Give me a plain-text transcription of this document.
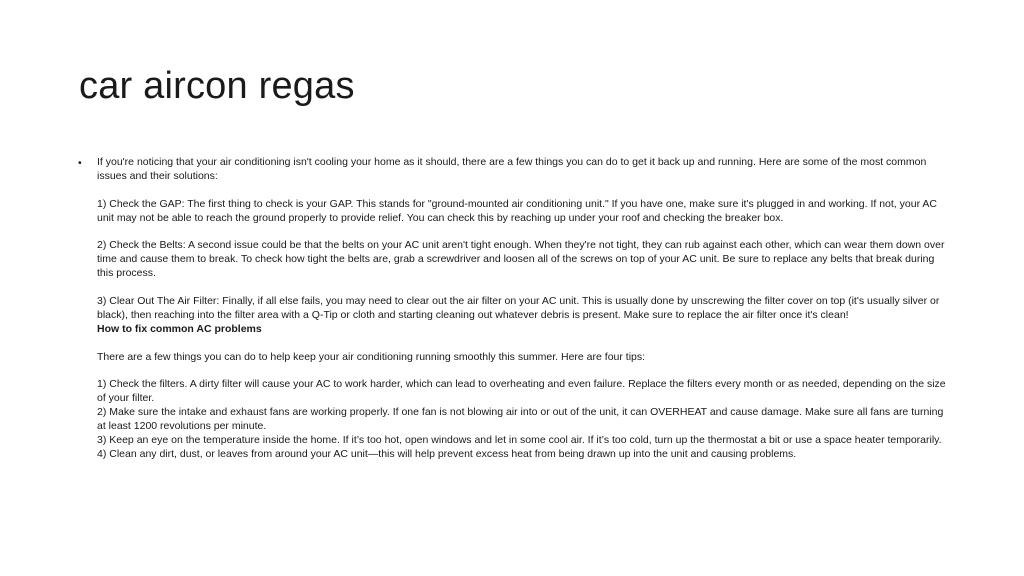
car aircon regas
• If you're noticing that your air conditioning isn't cooling your home as it should, there are a few things you can do to get it back up and running. Here are some of the most common issues and their solutions:

1) Check the GAP: The first thing to check is your GAP. This stands for "ground-mounted air conditioning unit." If you have one, make sure it's plugged in and working. If not, your AC unit may not be able to reach the ground properly to provide relief. You can check this by reaching up under your roof and checking the breaker box.

2) Check the Belts: A second issue could be that the belts on your AC unit aren't tight enough. When they're not tight, they can rub against each other, which can wear them down over time and cause them to break. To check how tight the belts are, grab a screwdriver and loosen all of the screws on top of your AC unit. Be sure to replace any belts that break during this process.

3) Clear Out The Air Filter: Finally, if all else fails, you may need to clear out the air filter on your AC unit. This is usually done by unscrewing the filter cover on top (it's usually silver or black), then reaching into the filter area with a Q-Tip or cloth and starting cleaning out whatever debris is present. Make sure to replace the air filter once it's clean!

How to fix common AC problems

There are a few things you can do to help keep your air conditioning running smoothly this summer. Here are four tips:

1) Check the filters. A dirty filter will cause your AC to work harder, which can lead to overheating and even failure. Replace the filters every month or as needed, depending on the size of your filter.

2) Make sure the intake and exhaust fans are working properly. If one fan is not blowing air into or out of the unit, it can OVERHEAT and cause damage. Make sure all fans are turning at least 1200 revolutions per minute.

3) Keep an eye on the temperature inside the home. If it’s too hot, open windows and let in some cool air. If it’s too cold, turn up the thermostat a bit or use a space heater temporarily.

4) Clean any dirt, dust, or leaves from around your AC unit—this will help prevent excess heat from being drawn up into the unit and causing problems.
